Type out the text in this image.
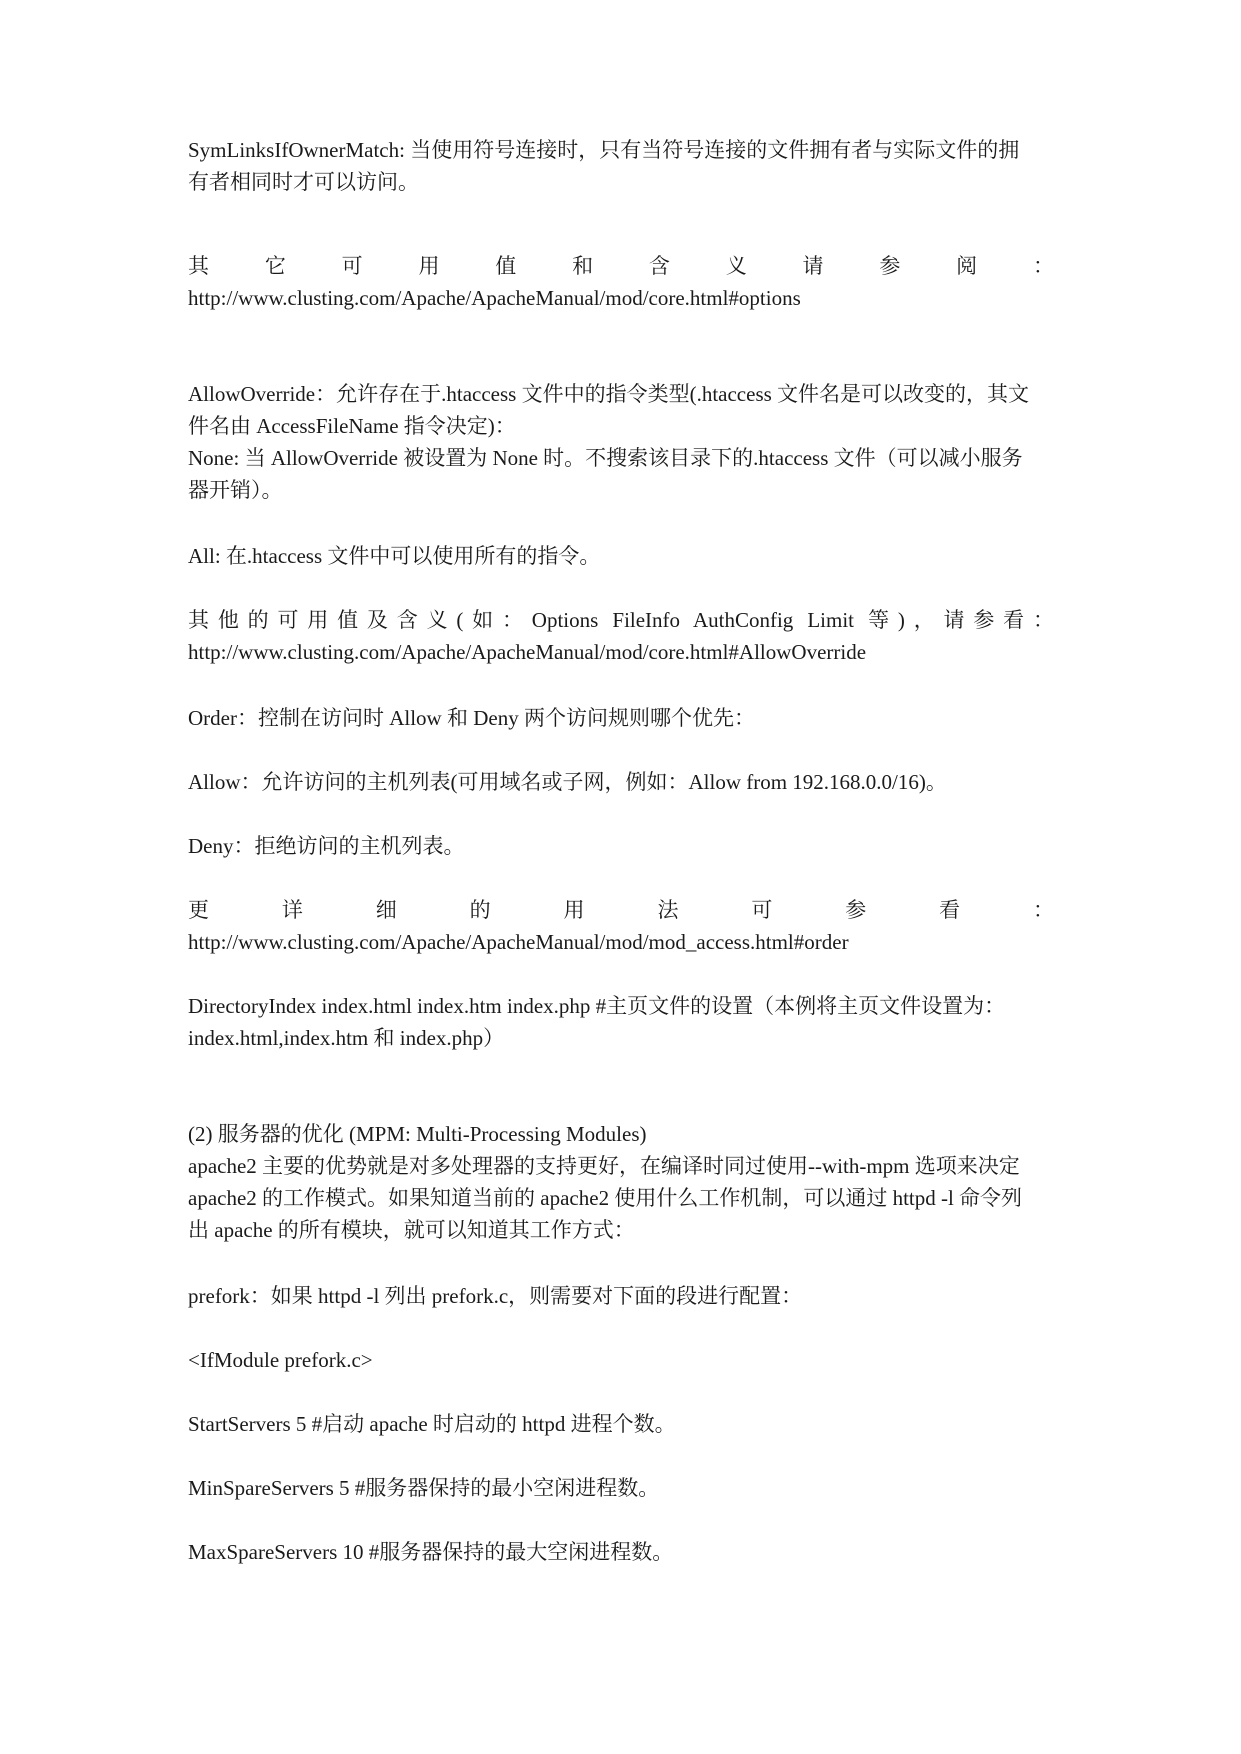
SymLinksIfOwnerMatch: 当使用符号连接时，只有当符号连接的文件拥有者与实际文件的拥
有者相同时才可以访问。

其　它　可　用　值　和　含　义　请　参　阅　：
http://www.clusting.com/Apache/ApacheManual/mod/core.html#options

AllowOverride：允许存在于.htaccess 文件中的指令类型(.htaccess 文件名是可以改变的，其文
件名由 AccessFileName 指令决定)：
None: 当 AllowOverride 被设置为 None 时。不搜索该目录下的.htaccess 文件（可以减小服务
器开销）。

All: 在.htaccess 文件中可以使用所有的指令。

其他的可用值及含义(如：Options FileInfo AuthConfig Limit 等)，请参看：
http://www.clusting.com/Apache/ApacheManual/mod/core.html#AllowOverride

Order：控制在访问时 Allow 和 Deny 两个访问规则哪个优先：

Allow：允许访问的主机列表(可用域名或子网，例如：Allow from 192.168.0.0/16)。

Deny：拒绝访问的主机列表。

更　详　细　的　用　法　可　参　看　：
http://www.clusting.com/Apache/ApacheManual/mod/mod_access.html#order

DirectoryIndex index.html index.htm index.php #主页文件的设置（本例将主页文件设置为：
index.html,index.htm 和 index.php）

(2) 服务器的优化 (MPM: Multi-Processing Modules)
apache2 主要的优势就是对多处理器的支持更好，在编译时同过使用--with-mpm 选项来决定
apache2 的工作模式。如果知道当前的 apache2 使用什么工作机制，可以通过 httpd -l 命令列
出 apache 的所有模块，就可以知道其工作方式：

prefork：如果 httpd -l 列出 prefork.c，则需要对下面的段进行配置：

<IfModule prefork.c>

StartServers 5 #启动 apache 时启动的 httpd 进程个数。

MinSpareServers 5 #服务器保持的最小空闲进程数。

MaxSpareServers 10 #服务器保持的最大空闲进程数。
